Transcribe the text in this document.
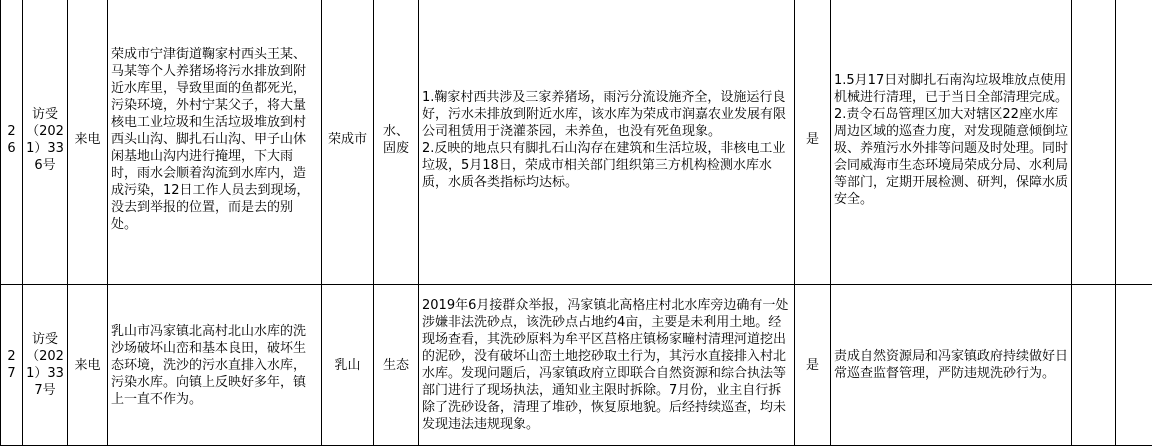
26	访受（2021）336号	来电	荣成市宁津街道鞠家村西头王某、马某等个人养猪场将污水排放到附近水库里，导致里面的鱼都死光，污染环境，外村宁某父子，将大量核电工业垃圾和生活垃圾堆放到村西头山沟、脚扎石山沟、甲子山休闲基地山沟内进行掩埋，下大雨时，雨水会顺着沟流到水库内，造成污染，12日工作人员去到现场，没去到举报的位置，而是去的别处。	荣成市	水、固废	1.鞠家村西共涉及三家养猪场，雨污分流设施齐全，设施运行良好，污水未排放到附近水库，该水库为荣成市润嘉农业发展有限公司租赁用于浇灌茶园，未养鱼，也没有死鱼现象。
2.反映的地点只有脚扎石山沟存在建筑和生活垃圾，非核电工业垃圾，5月18日，荣成市相关部门组织第三方机构检测水库水质，水质各类指标均达标。	是	1.5月17日对脚扎石南沟垃圾堆放点使用机械进行清理，已于当日全部清理完成。
2.责令石岛管理区加大对辖区22座水库周边区域的巡查力度，对发现随意倾倒垃圾、养殖污水外排等问题及时处理。同时会同威海市生态环境局荣成分局、水利局等部门，定期开展检测、研判，保障水质安全。		
27	访受（2021）337号	来电	乳山市冯家镇北高村北山水库的洗沙场破坏山峦和基本良田，破坏生态环境，洗沙的污水直排入水库，污染水库。向镇上反映好多年，镇上一直不作为。	乳山	生态	2019年6月接群众举报，冯家镇北高格庄村北水库旁边确有一处涉嫌非法洗砂点，该洗砂点占地约4亩，主要是未利用土地。经现场查看，其洗砂原料为牟平区莒格庄镇杨家疃村清理河道挖出的泥砂，没有破坏山峦土地挖砂取土行为，其污水直接排入村北水库。发现问题后，冯家镇政府立即联合自然资源和综合执法等部门进行了现场执法，通知业主限时拆除。7月份，业主自行拆除了洗砂设备，清理了堆砂，恢复原地貌。后经持续巡查，均未发现违法违规现象。	是	责成自然资源局和冯家镇政府持续做好日常巡查监督管理，严防违规洗砂行为。		
